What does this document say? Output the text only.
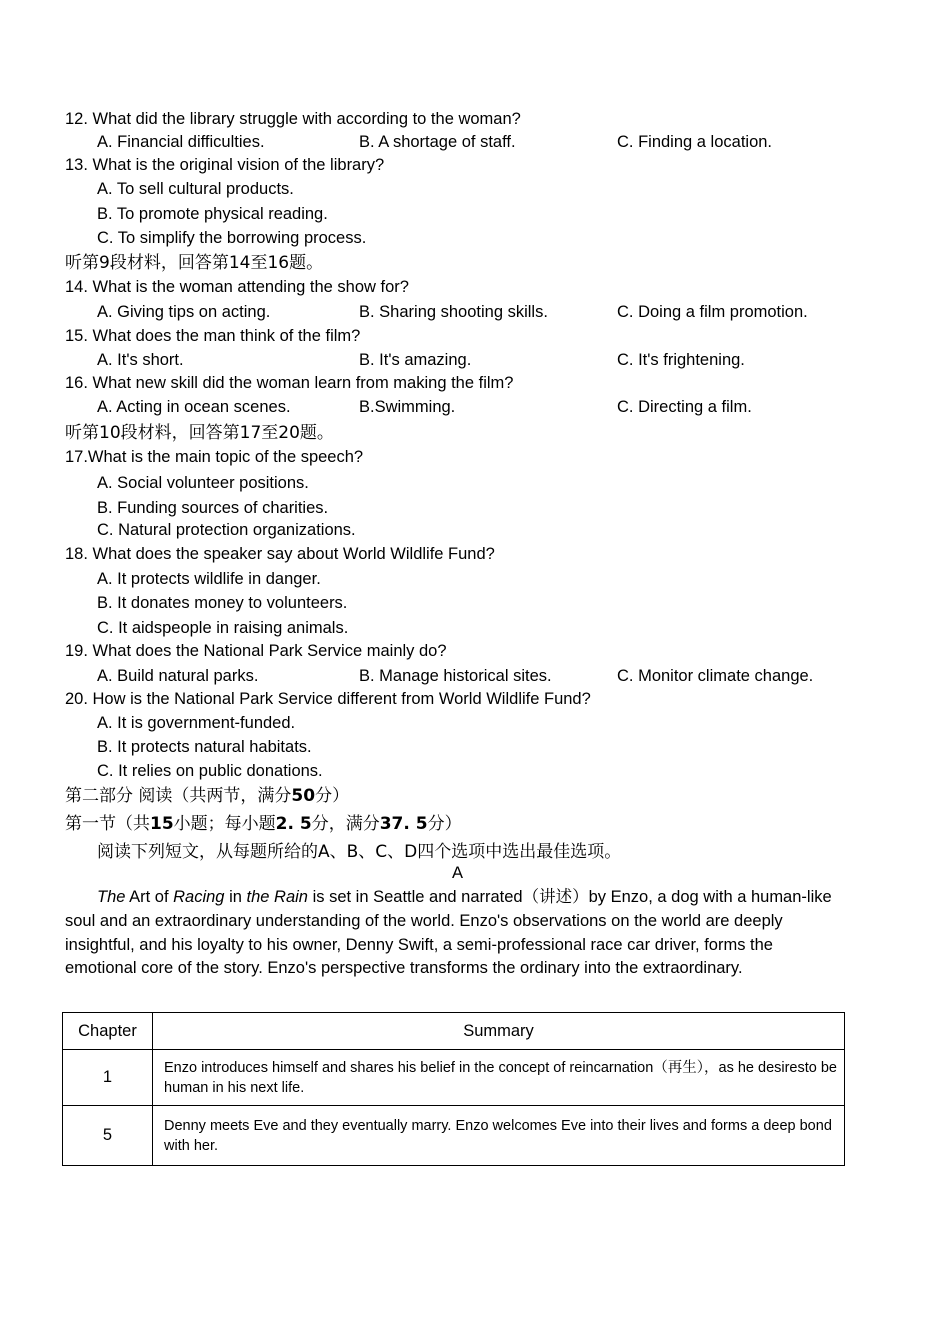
12. What did the library struggle with according to the woman?
A. Financial difficulties.	B. A shortage of staff.	C. Finding a location.
13. What is the original vision of the library?
A. To sell cultural products.
B. To promote physical reading.
C. To simplify the borrowing process.
听第9段材料，回答第14至16题。
14. What is the woman attending the show for?
A. Giving tips on acting.	B. Sharing shooting skills.	C. Doing a film promotion.
15. What does the man think of the film?
A. It's short.	B. It's amazing.	C. It's frightening.
16. What new skill did the woman learn from making the film?
A. Acting in ocean scenes.	B.Swimming.	C. Directing a film.
听第10段材料，回答第17至20题。
17.What is the main topic of the speech?
A. Social volunteer positions.
B. Funding sources of charities.
C. Natural protection organizations.
18. What does the speaker say about World Wildlife Fund?
A. It protects wildlife in danger.
B. It donates money to volunteers.
C. It aidspeople in raising animals.
19. What does the National Park Service mainly do?
A. Build natural parks.	B. Manage historical sites.	C. Monitor climate change.
20. How is the National Park Service different from World Wildlife Fund?
A. It is government-funded.
B. It protects natural habitats.
C. It relies on public donations.
第二部分 阅读（共两节，满分50分）
第一节（共15小题；每小题2. 5分，满分37. 5分）
阅读下列短文，从每题所给的A、B、C、D四个选项中选出最佳选项。
A
The Art of Racing in the Rain is set in Seattle and narrated（讲述）by Enzo, a dog with a human-like soul and an extraordinary understanding of the world. Enzo's observations on the world are deeply insightful, and his loyalty to his owner, Denny Swift, a semi-professional race car driver, forms the emotional core of the story. Enzo's perspective transforms the ordinary into the extraordinary.
Chapter	Summary
1	Enzo introduces himself and shares his belief in the concept of reincarnation（再生），as he desiresto be human in his next life.
5	Denny meets Eve and they eventually marry. Enzo welcomes Eve into their lives and forms a deep bond with her.
